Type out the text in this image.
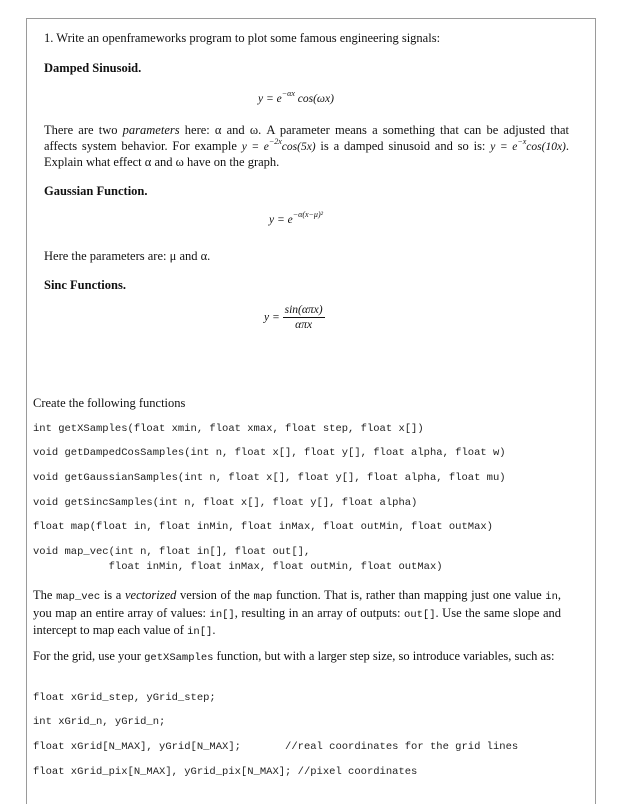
1. Write an openframeworks program to plot some famous engineering signals:
Damped Sinusoid.
$y = e^{-\alpha x}$ cos(ωx)
There are two parameters here: α and ω. A parameter means a something that can be adjusted that affects system behavior. For example $y = e^{-2x}\cos(5x)$ is a damped sinusoid and so is: $y = e^{-x}\cos(10x)$. Explain what effect α and ω have on the graph.
Gaussian Function.
$y = e^{-\alpha(x-\mu)^2}$
Here the parameters are: μ and α.
Sinc Functions.
$y = \frac{\text{sin(απx)}}{\text{απx}}$
Create the following functions
int getXSamples(float xmin, float xmax, float step, float x[])
void getDampedCosSamples(int n, float x[], float y[], float alpha, float w)
void getGaussianSamples(int n, float x[], float y[], float alpha, float mu)
void getSincSamples(int n, float x[], float y[], float alpha)
float map(float in, float inMin, float inMax, float outMin, float outMax)
void map_vec(int n, float in[], float out[],
float inMin, float inMax, float outMin, float outMax)
The map_vec is a vectorized version of the map function. That is, rather than mapping just one value in, you map an entire array of values: in[], resulting in an array of outputs: out[]. Use the same slope and intercept to map each value of in[].
For the grid, use your getXSamples function, but with a larger step size, so introduce variables, such as:
float xGrid_step, yGrid_step;
int xGrid_n, yGrid_n;
float xGrid[N_MAX], yGrid[N_MAX];       //real coordinates for the grid lines
float xGrid_pix[N_MAX], yGrid_pix[N_MAX]; //pixel coordinates
